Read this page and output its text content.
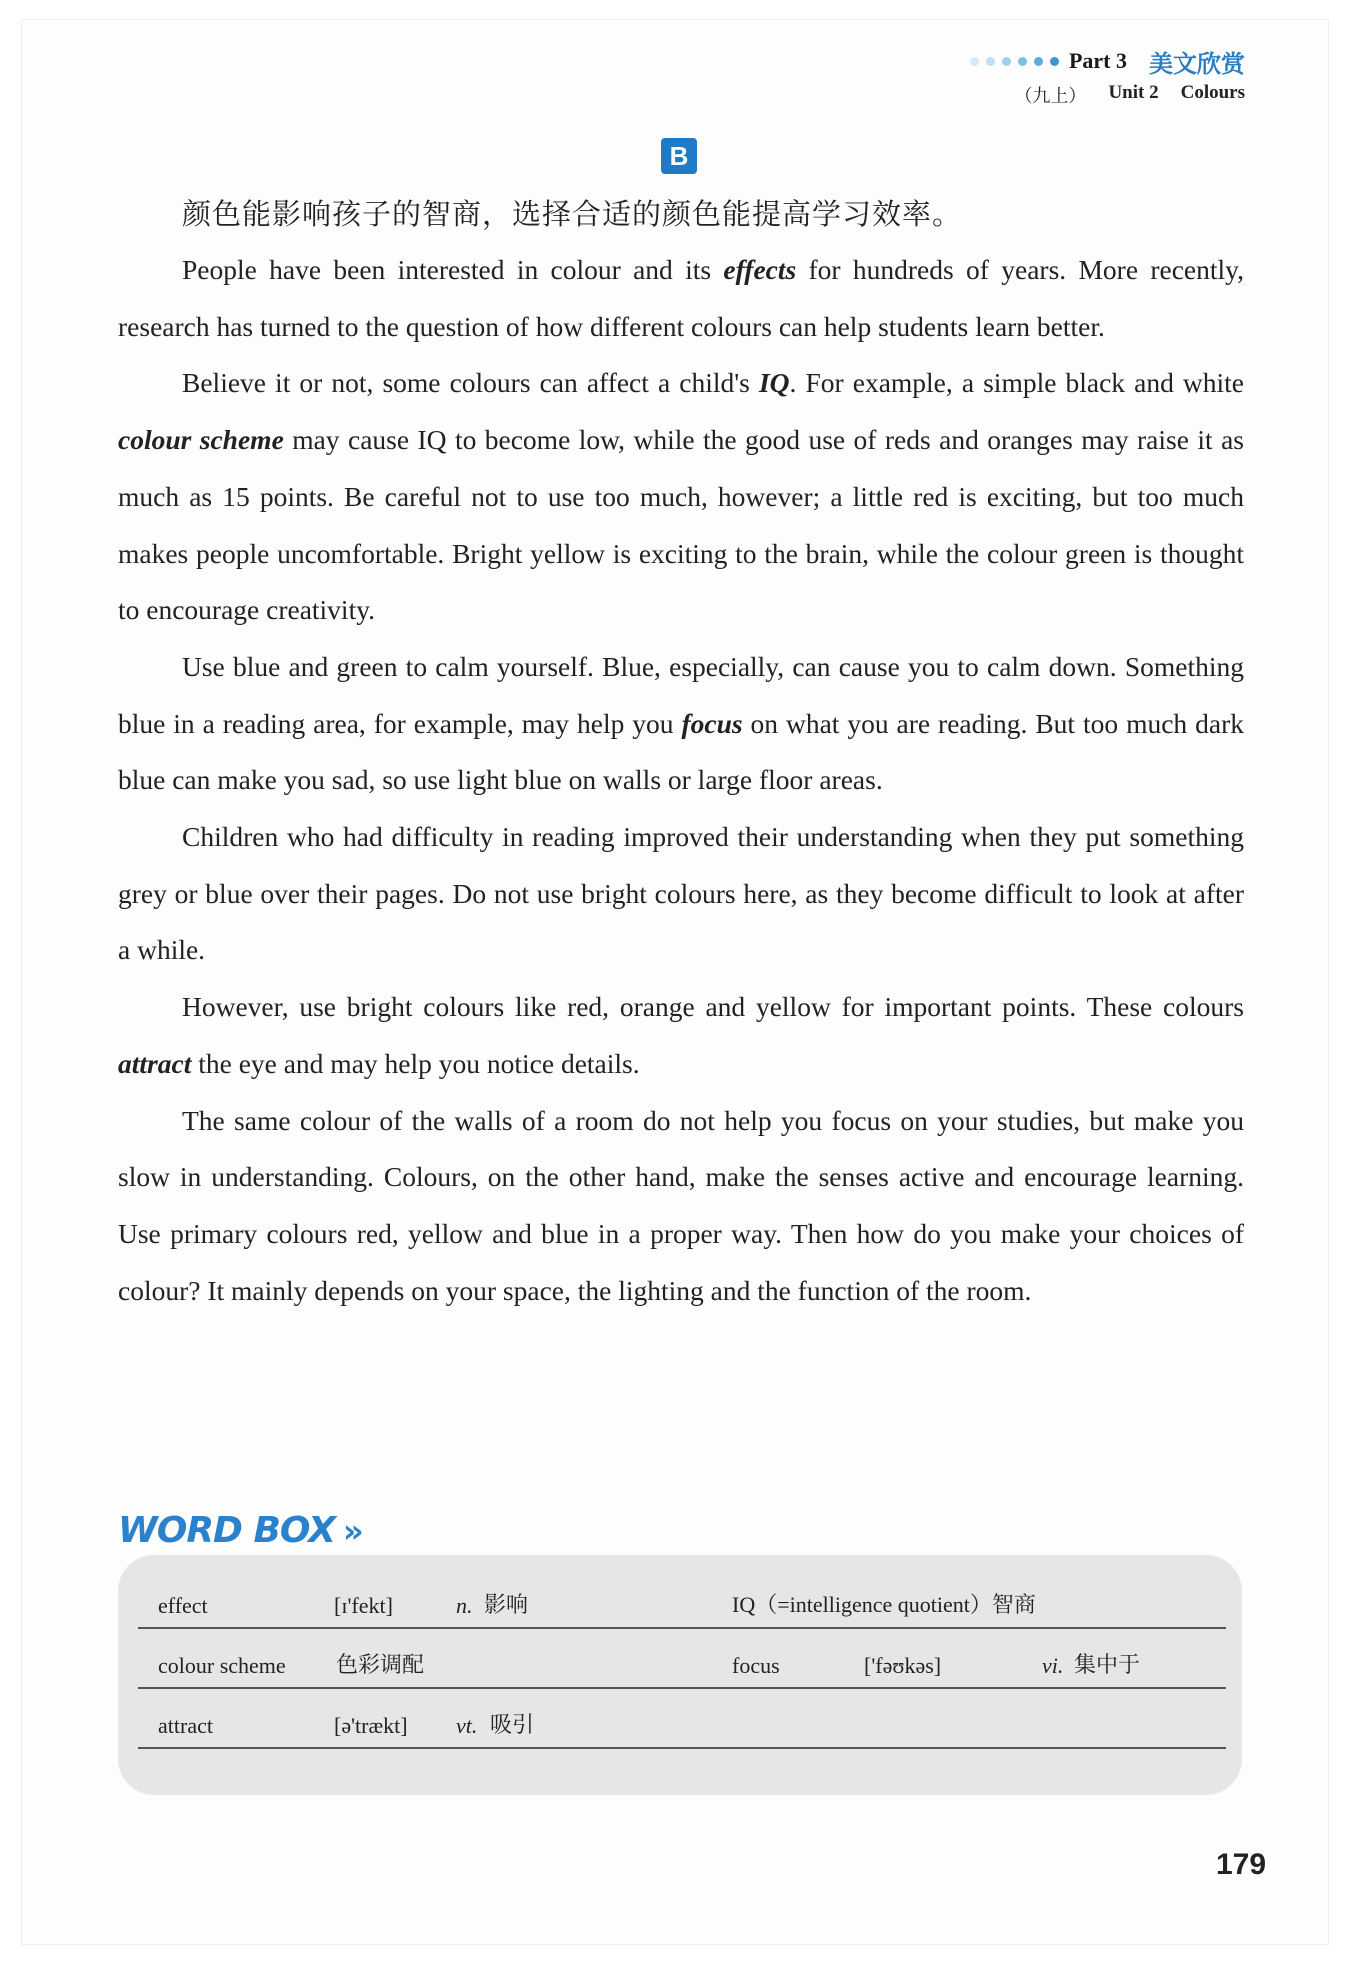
Part 3 美文欣赏
（九上） Unit 2 Colours
B

颜色能影响孩子的智商，选择合适的颜色能提高学习效率。

People have been interested in colour and its effects for hundreds of years. More recently, research has turned to the question of how different colours can help students learn better.

Believe it or not, some colours can affect a child's IQ. For example, a simple black and white colour scheme may cause IQ to become low, while the good use of reds and oranges may raise it as much as 15 points. Be careful not to use too much, however; a little red is exciting, but too much makes people uncomfortable. Bright yellow is exciting to the brain, while the colour green is thought to encourage creativity.

Use blue and green to calm yourself. Blue, especially, can cause you to calm down. Something blue in a reading area, for example, may help you focus on what you are reading. But too much dark blue can make you sad, so use light blue on walls or large floor areas.

Children who had difficulty in reading improved their understanding when they put something grey or blue over their pages. Do not use bright colours here, as they become difficult to look at after a while.

However, use bright colours like red, orange and yellow for important points. These colours attract the eye and may help you notice details.

The same colour of the walls of a room do not help you focus on your studies, but make you slow in understanding. Colours, on the other hand, make the senses active and encourage learning. Use primary colours red, yellow and blue in a proper way. Then how do you make your choices of colour? It mainly depends on your space, the lighting and the function of the room.

WORD BOX »
effect	[ɪ'fekt]	n. 影响	IQ（=intelligence quotient）智商
colour scheme 色彩调配	focus	['fəʊkəs]	vi. 集中于
attract	[ə'trækt] vt. 吸引
179
